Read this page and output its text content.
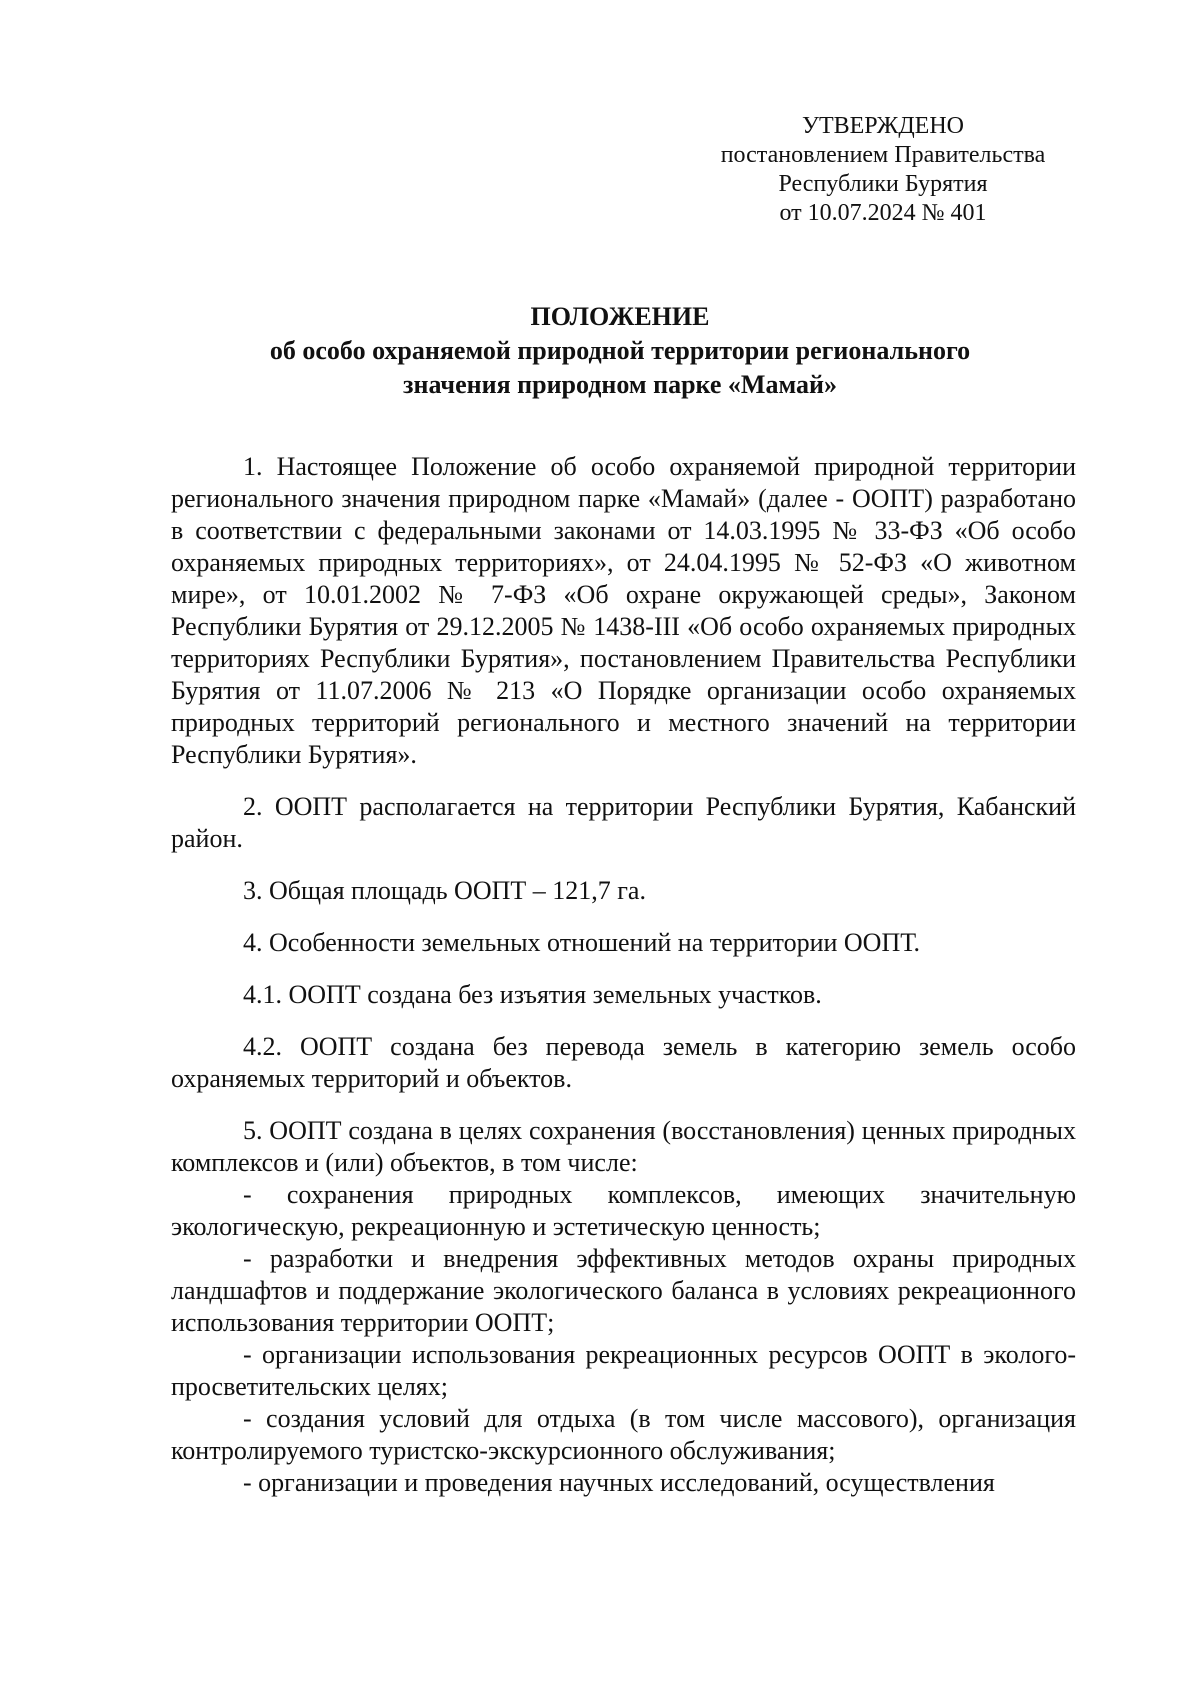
УТВЕРЖДЕНО
постановлением Правительства
Республики Бурятия
от 10.07.2024 № 401
ПОЛОЖЕНИЕ
об особо охраняемой природной территории регионального
значения природном парке «Мамай»

1. Настоящее Положение об особо охраняемой природной территории регионального значения природном парке «Мамай» (далее - ООПТ) разработано в соответствии с федеральными законами от 14.03.1995 № 33-ФЗ «Об особо охраняемых природных территориях», от 24.04.1995 № 52-ФЗ «О животном мире», от 10.01.2002 № 7-ФЗ «Об охране окружающей среды», Законом Республики Бурятия от 29.12.2005 № 1438-III «Об особо охраняемых природных территориях Республики Бурятия», постановлением Правительства Республики Бурятия от 11.07.2006 № 213 «О Порядке организации особо охраняемых природных территорий регионального и местного значений на территории Республики Бурятия».

2. ООПТ располагается на территории Республики Бурятия, Кабанский район.

3. Общая площадь ООПТ – 121,7 га.

4. Особенности земельных отношений на территории ООПТ.

4.1. ООПТ создана без изъятия земельных участков.

4.2. ООПТ создана без перевода земель в категорию земель особо охраняемых территорий и объектов.

5. ООПТ создана в целях сохранения (восстановления) ценных природных комплексов и (или) объектов, в том числе:

- сохранения природных комплексов, имеющих значительную экологическую, рекреационную и эстетическую ценность;

- разработки и внедрения эффективных методов охраны природных ландшафтов и поддержание экологического баланса в условиях рекреационного использования территории ООПТ;

- организации использования рекреационных ресурсов ООПТ в эколого-просветительских целях;

- создания условий для отдыха (в том числе массового), организация контролируемого туристско-экскурсионного обслуживания;

- организации и проведения научных исследований, осуществления
